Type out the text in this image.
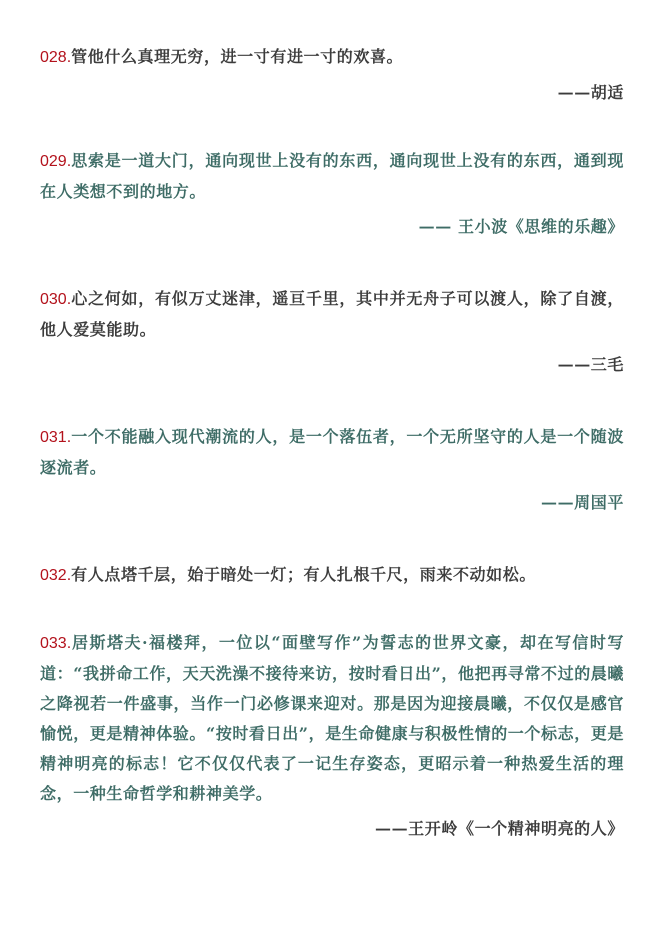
028.管他什么真理无穷，进一寸有进一寸的欢喜。

——胡适

029.思索是一道大门，通向现世上没有的东西，通向现世上没有的东西，通到现在人类想不到的地方。

—— 王小波《思维的乐趣》

030.心之何如，有似万丈迷津，遥亘千里，其中并无舟子可以渡人，除了自渡，他人爱莫能助。

——三毛

031.一个不能融入现代潮流的人，是一个落伍者，一个无所坚守的人是一个随波逐流者。

——周国平

032.有人点塔千层，始于暗处一灯；有人扎根千尺，雨来不动如松。

033.居斯塔夫·福楼拜，一位以“面壁写作”为誓志的世界文豪，却在写信时写道：“我拼命工作，天天洗澡不接待来访，按时看日出”，他把再寻常不过的晨曦之降视若一件盛事，当作一门必修课来迎对。那是因为迎接晨曦，不仅仅是感官愉悦，更是精神体验。“按时看日出”，是生命健康与积极性情的一个标志，更是精神明亮的标志！它不仅仅代表了一记生存姿态，更昭示着一种热爱生活的理念，一种生命哲学和耕神美学。

——王开岭《一个精神明亮的人》
